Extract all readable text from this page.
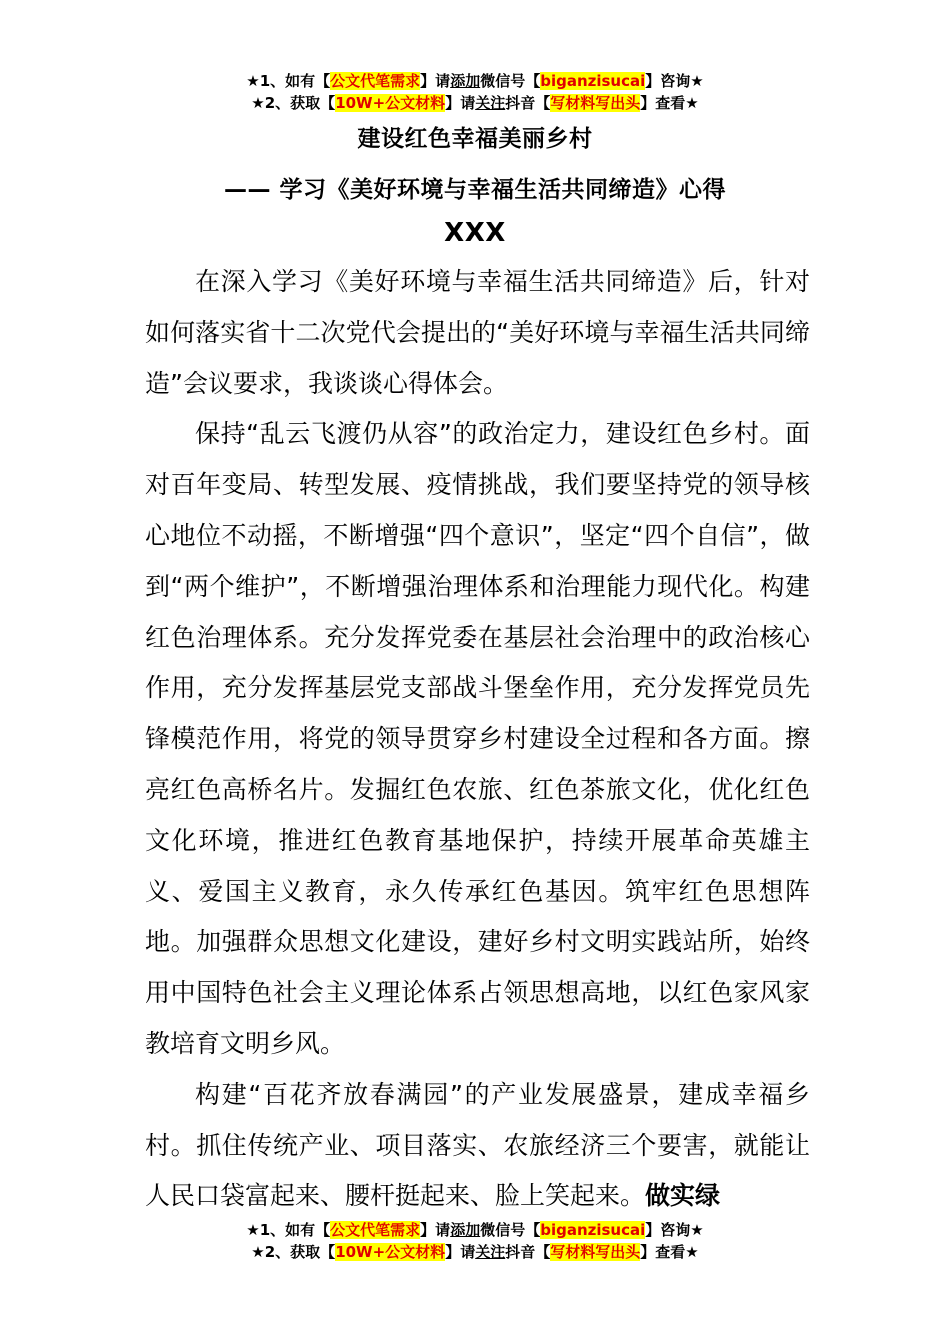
★1、如有【公文代笔需求】请添加微信号【biganzisucai】咨询★
★2、获取【10W+公文材料】请关注抖音【写材料写出头】查看★
建设红色幸福美丽乡村
—— 学习《美好环境与幸福生活共同缔造》心得
XXX

在深入学习《美好环境与幸福生活共同缔造》后，针对如何落实省十二次党代会提出的“美好环境与幸福生活共同缔造”会议要求，我谈谈心得体会。

保持“乱云飞渡仍从容”的政治定力，建设红色乡村。面对百年变局、转型发展、疫情挑战，我们要坚持党的领导核心地位不动摇，不断增强“四个意识”，坚定“四个自信”，做到“两个维护”，不断增强治理体系和治理能力现代化。构建红色治理体系。充分发挥党委在基层社会治理中的政治核心作用，充分发挥基层党支部战斗堡垒作用，充分发挥党员先锋模范作用，将党的领导贯穿乡村建设全过程和各方面。擦亮红色高桥名片。发掘红色农旅、红色茶旅文化，优化红色文化环境，推进红色教育基地保护，持续开展革命英雄主义、爱国主义教育，永久传承红色基因。筑牢红色思想阵地。加强群众思想文化建设，建好乡村文明实践站所，始终用中国特色社会主义理论体系占领思想高地，以红色家风家教培育文明乡风。

构建“百花齐放春满园”的产业发展盛景，建成幸福乡村。抓住传统产业、项目落实、农旅经济三个要害，就能让人民口袋富起来、腰杆挺起来、脸上笑起来。做实绿

★1、如有【公文代笔需求】请添加微信号【biganzisucai】咨询★
★2、获取【10W+公文材料】请关注抖音【写材料写出头】查看★
